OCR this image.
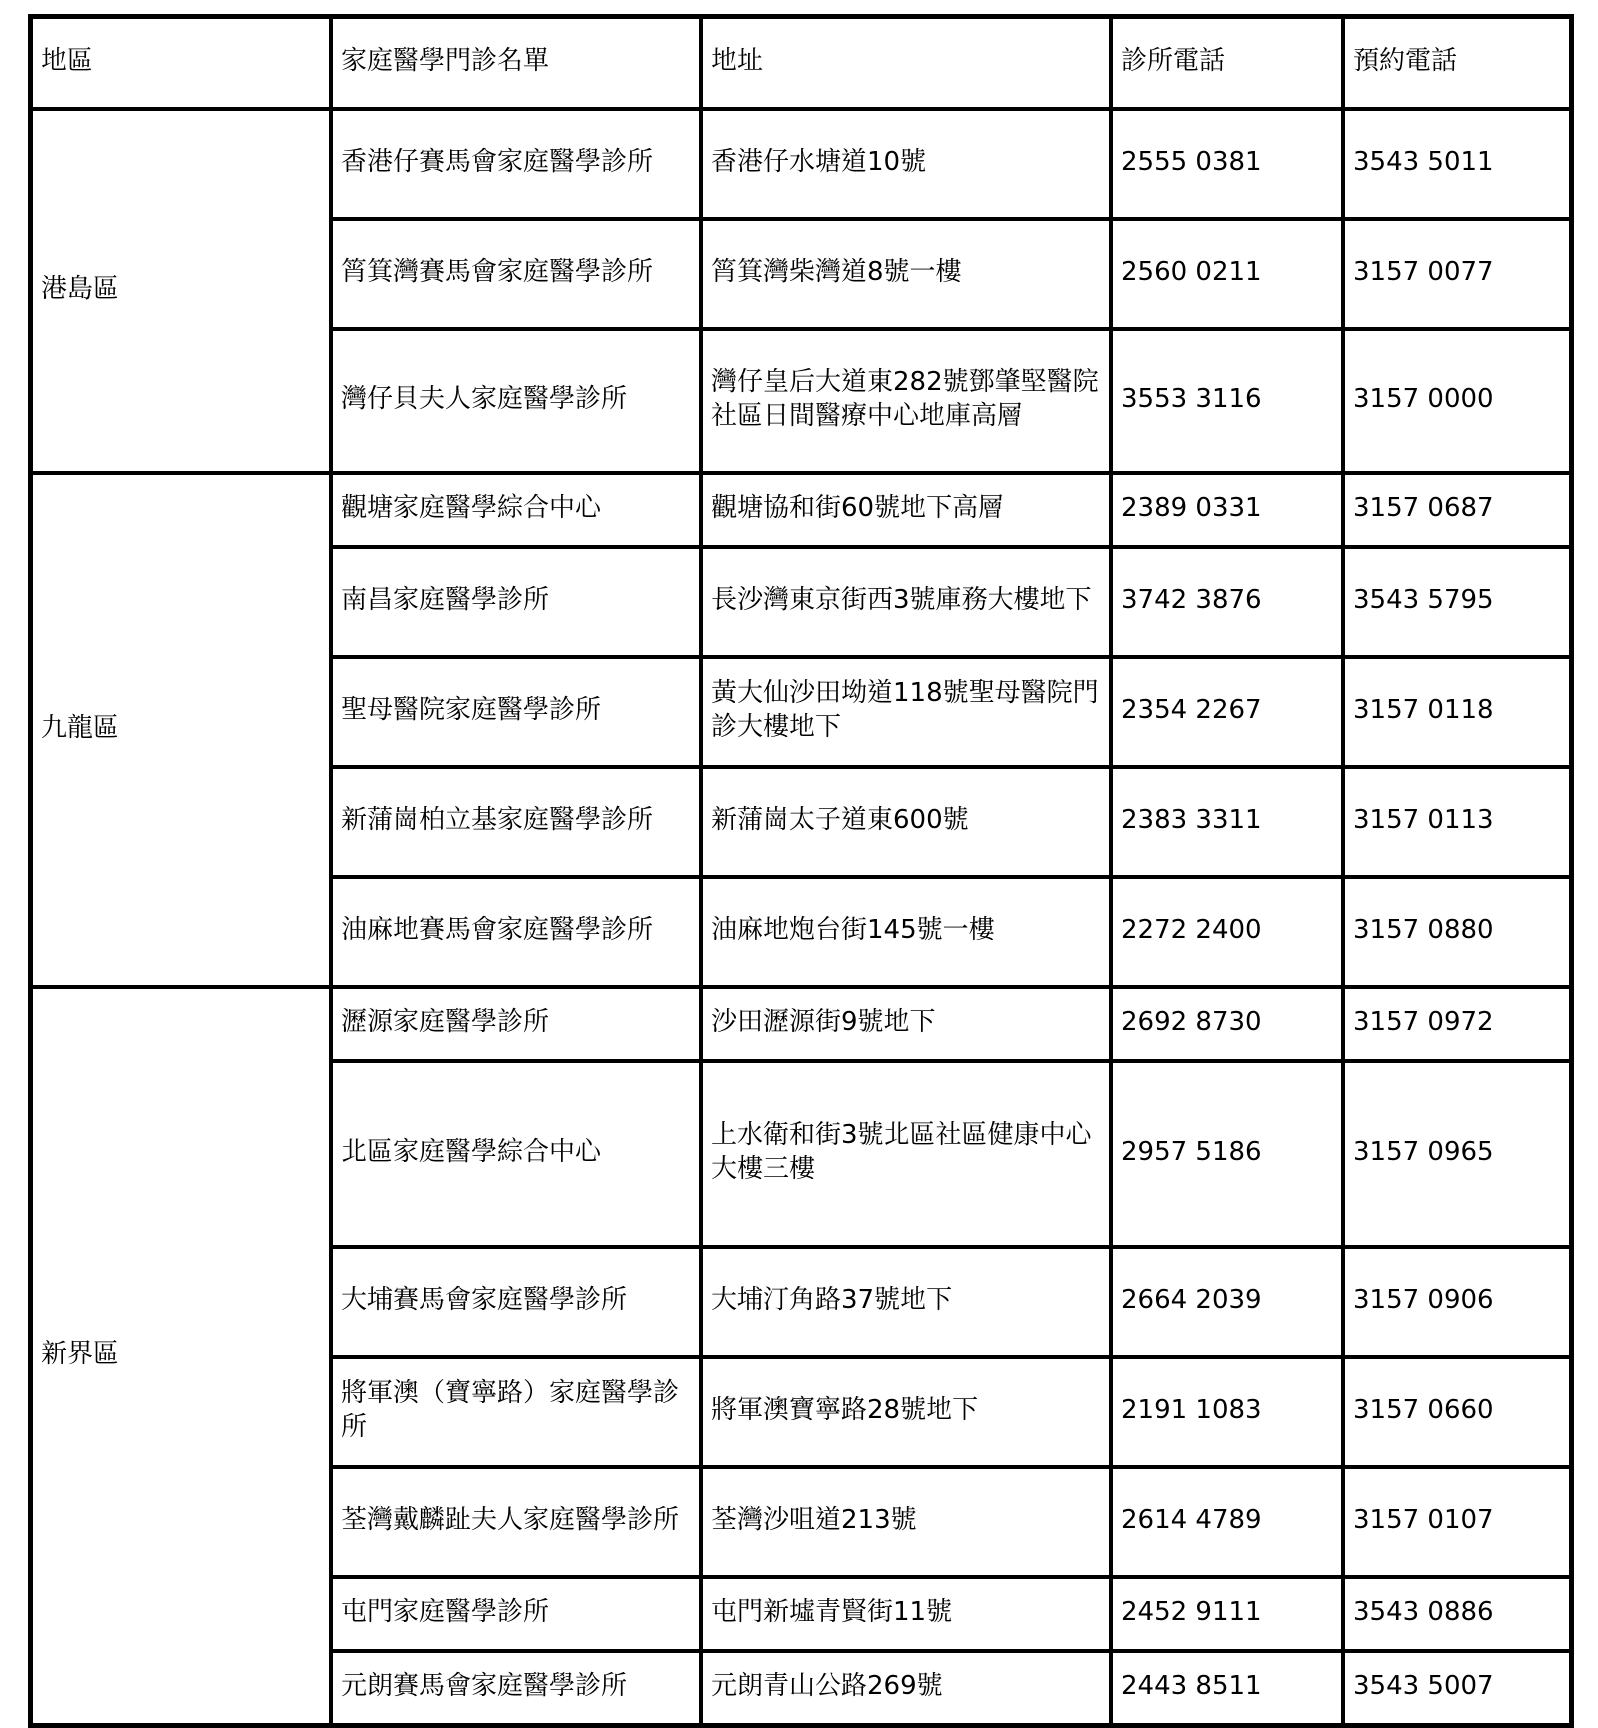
地區	家庭醫學門診名單	地址	診所電話	預約電話
港島區	香港仔賽馬會家庭醫學診所	香港仔水塘道10號	2555 0381	3543 5011
	筲箕灣賽馬會家庭醫學診所	筲箕灣柴灣道8號一樓	2560 0211	3157 0077
	灣仔貝夫人家庭醫學診所	灣仔皇后大道東282號鄧肇堅醫院社區日間醫療中心地庫高層	3553 3116	3157 0000
九龍區	觀塘家庭醫學綜合中心	觀塘協和街60號地下高層	2389 0331	3157 0687
	南昌家庭醫學診所	長沙灣東京街西3號庫務大樓地下	3742 3876	3543 5795
	聖母醫院家庭醫學診所	黃大仙沙田坳道118號聖母醫院門診大樓地下	2354 2267	3157 0118
	新蒲崗柏立基家庭醫學診所	新蒲崗太子道東600號	2383 3311	3157 0113
	油麻地賽馬會家庭醫學診所	油麻地炮台街145號一樓	2272 2400	3157 0880
新界區	瀝源家庭醫學診所	沙田瀝源街9號地下	2692 8730	3157 0972
	北區家庭醫學綜合中心	上水衛和街3號北區社區健康中心大樓三樓	2957 5186	3157 0965
	大埔賽馬會家庭醫學診所	大埔汀角路37號地下	2664 2039	3157 0906
	將軍澳（寶寧路）家庭醫學診所	將軍澳寶寧路28號地下	2191 1083	3157 0660
	荃灣戴麟趾夫人家庭醫學診所	荃灣沙咀道213號	2614 4789	3157 0107
	屯門家庭醫學診所	屯門新墟青賢街11號	2452 9111	3543 0886
	元朗賽馬會家庭醫學診所	元朗青山公路269號	2443 8511	3543 5007
